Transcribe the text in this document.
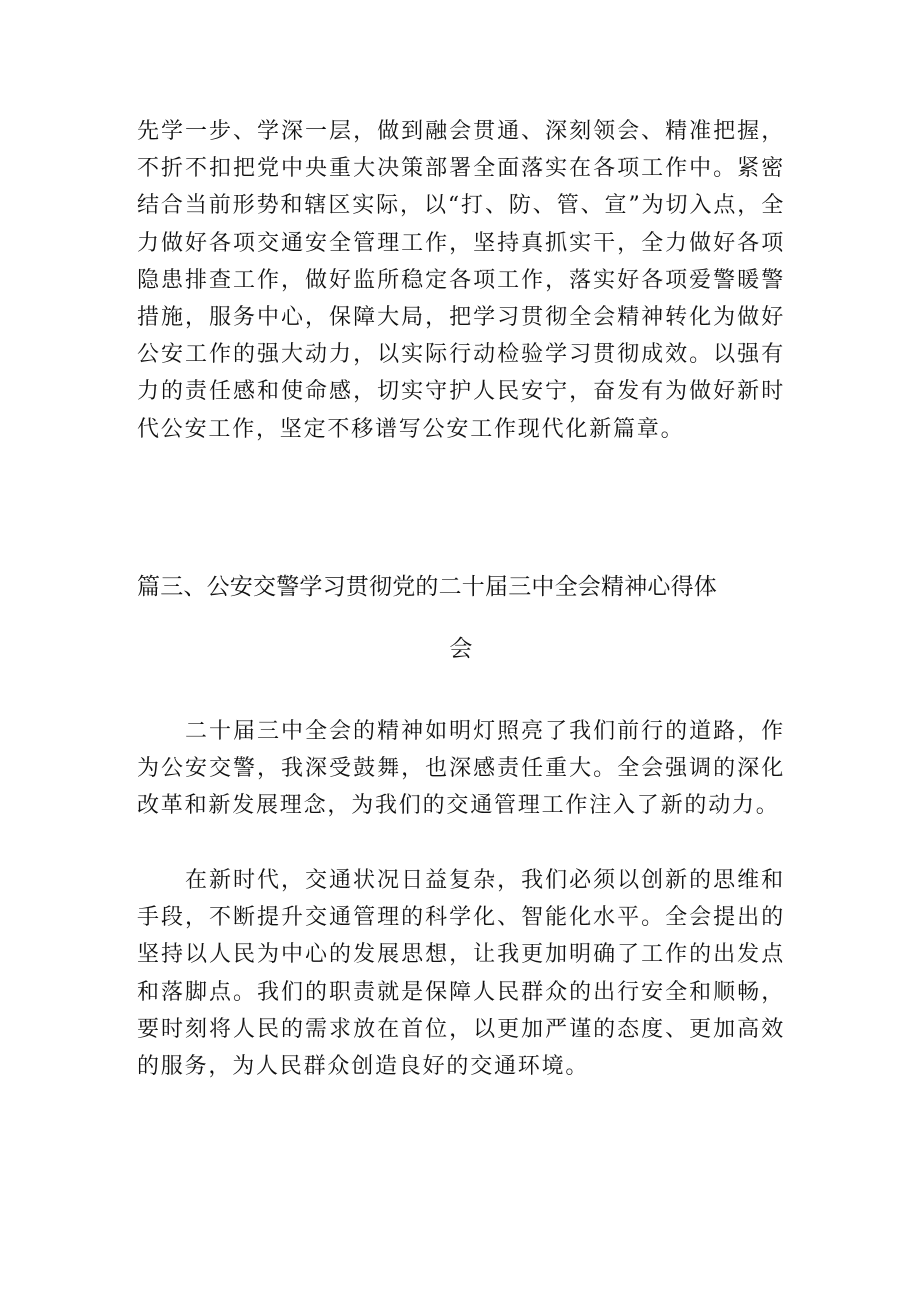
先学一步、学深一层，做到融会贯通、深刻领会、精准把握，不折不扣把党中央重大决策部署全面落实在各项工作中。紧密结合当前形势和辖区实际，以“打、防、管、宣”为切入点，全力做好各项交通安全管理工作，坚持真抓实干，全力做好各项隐患排查工作，做好监所稳定各项工作，落实好各项爱警暖警措施，服务中心，保障大局，把学习贯彻全会精神转化为做好公安工作的强大动力，以实际行动检验学习贯彻成效。以强有力的责任感和使命感，切实守护人民安宁，奋发有为做好新时代公安工作，坚定不移谱写公安工作现代化新篇章。

篇三、公安交警学习贯彻党的二十届三中全会精神心得体
会

二十届三中全会的精神如明灯照亮了我们前行的道路，作为公安交警，我深受鼓舞，也深感责任重大。全会强调的深化改革和新发展理念，为我们的交通管理工作注入了新的动力。

在新时代，交通状况日益复杂，我们必须以创新的思维和手段，不断提升交通管理的科学化、智能化水平。全会提出的坚持以人民为中心的发展思想，让我更加明确了工作的出发点和落脚点。我们的职责就是保障人民群众的出行安全和顺畅，要时刻将人民的需求放在首位，以更加严谨的态度、更加高效的服务，为人民群众创造良好的交通环境。
